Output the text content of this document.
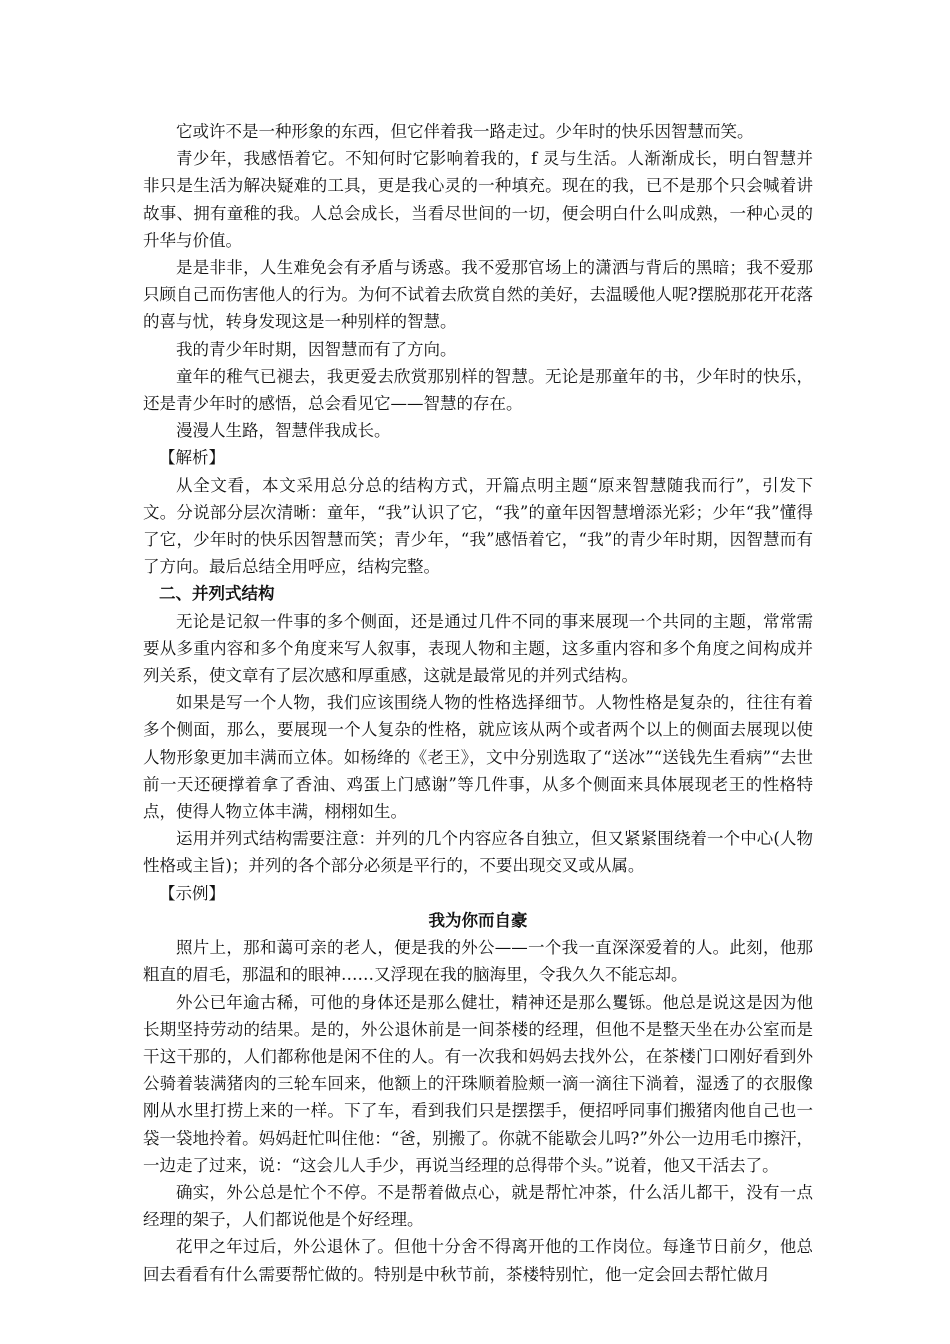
它或许不是一种形象的东西，但它伴着我一路走过。少年时的快乐因智慧而笑。

青少年，我感悟着它。不知何时它影响着我的，f 灵与生活。人渐渐成长，明白智慧并非只是生活为解决疑难的工具，更是我心灵的一种填充。现在的我，已不是那个只会喊着讲故事、拥有童稚的我。人总会成长，当看尽世间的一切，便会明白什么叫成熟，一种心灵的升华与价值。

是是非非，人生难免会有矛盾与诱惑。我不爱那官场上的潇洒与背后的黑暗；我不爱那只顾自己而伤害他人的行为。为何不试着去欣赏自然的美好，去温暖他人呢?摆脱那花开花落的喜与忧，转身发现这是一种别样的智慧。

我的青少年时期，因智慧而有了方向。

童年的稚气已褪去，我更爱去欣赏那别样的智慧。无论是那童年的书，少年时的快乐，还是青少年时的感悟，总会看见它——智慧的存在。

漫漫人生路，智慧伴我成长。

【解析】

从全文看，本文采用总分总的结构方式，开篇点明主题“原来智慧随我而行”，引发下文。分说部分层次清晰：童年，“我”认识了它，“我”的童年因智慧增添光彩；少年“我”懂得了它，少年时的快乐因智慧而笑；青少年，“我”感悟着它，“我”的青少年时期，因智慧而有了方向。最后总结全用呼应，结构完整。

二、并列式结构

无论是记叙一件事的多个侧面，还是通过几件不同的事来展现一个共同的主题，常常需要从多重内容和多个角度来写人叙事，表现人物和主题，这多重内容和多个角度之间构成并列关系，使文章有了层次感和厚重感，这就是最常见的并列式结构。

如果是写一个人物，我们应该围绕人物的性格选择细节。人物性格是复杂的，往往有着多个侧面，那么，要展现一个人复杂的性格，就应该从两个或者两个以上的侧面去展现以使人物形象更加丰满而立体。如杨绛的《老王》，文中分别选取了“送冰”“送钱先生看病”“去世前一天还硬撑着拿了香油、鸡蛋上门感谢”等几件事，从多个侧面来具体展现老王的性格特点，使得人物立体丰满，栩栩如生。

运用并列式结构需要注意：并列的几个内容应各自独立，但又紧紧围绕着一个中心(人物性格或主旨)；并列的各个部分必须是平行的，不要出现交叉或从属。

【示例】

我为你而自豪

照片上，那和蔼可亲的老人，便是我的外公——一个我一直深深爱着的人。此刻，他那粗直的眉毛，那温和的眼神……又浮现在我的脑海里，令我久久不能忘却。

外公已年逾古稀，可他的身体还是那么健壮，精神还是那么矍铄。他总是说这是因为他长期坚持劳动的结果。是的，外公退休前是一间茶楼的经理，但他不是整天坐在办公室而是干这干那的，人们都称他是闲不住的人。有一次我和妈妈去找外公，在茶楼门口刚好看到外公骑着装满猪肉的三轮车回来，他额上的汗珠顺着脸颊一滴一滴往下淌着，湿透了的衣服像刚从水里打捞上来的一样。下了车，看到我们只是摆摆手，便招呼同事们搬猪肉他自己也一袋一袋地拎着。妈妈赶忙叫住他：“爸，别搬了。你就不能歇会儿吗?”外公一边用毛巾擦汗，一边走了过来，说：“这会儿人手少，再说当经理的总得带个头。”说着，他又干活去了。

确实，外公总是忙个不停。不是帮着做点心，就是帮忙冲茶，什么活儿都干，没有一点经理的架子，人们都说他是个好经理。

花甲之年过后，外公退休了。但他十分舍不得离开他的工作岗位。每逢节日前夕，他总回去看看有什么需要帮忙做的。特别是中秋节前，茶楼特别忙，他一定会回去帮忙做月
